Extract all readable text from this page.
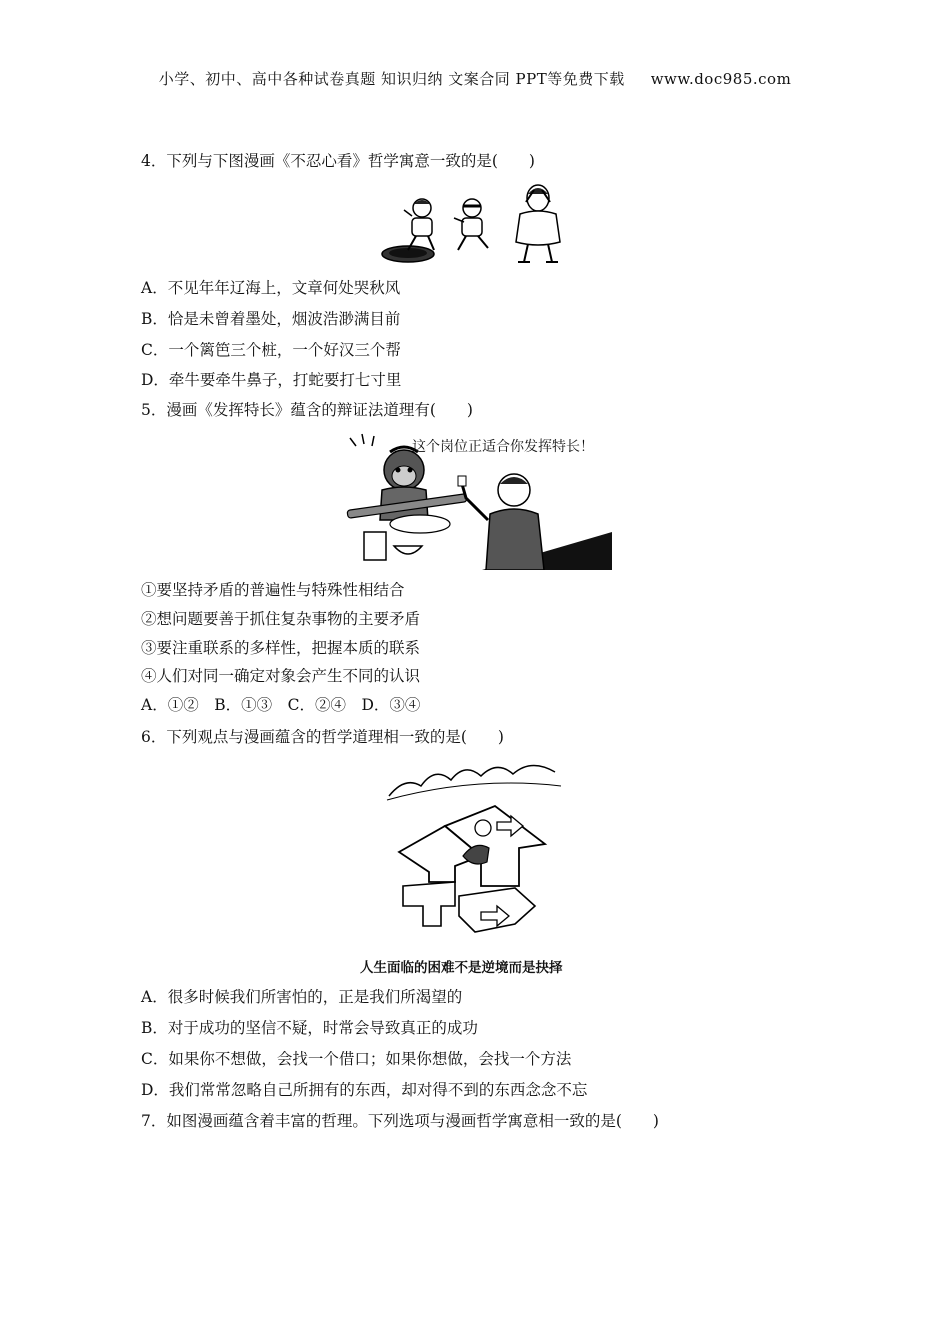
小学、初中、高中各种试卷真题 知识归纳 文案合同 PPT等免费下载 www.doc985.com
4．下列与下图漫画《不忍心看》哲学寓意一致的是(　　)
A．不见年年辽海上，文章何处哭秋风
B．恰是未曾着墨处，烟波浩渺满目前
C．一个篱笆三个桩，一个好汉三个帮
D．牵牛要牵牛鼻子，打蛇要打七寸里
5．漫画《发挥特长》蕴含的辩证法道理有(　　)
这个岗位正适合你发挥特长！
①要坚持矛盾的普遍性与特殊性相结合
②想问题要善于抓住复杂事物的主要矛盾
③要注重联系的多样性，把握本质的联系
④人们对同一确定对象会产生不同的认识
A．①②　B．①③　C．②④　D．③④
6．下列观点与漫画蕴含的哲学道理相一致的是(　　)
人生面临的困难不是逆境而是抉择
A．很多时候我们所害怕的，正是我们所渴望的
B．对于成功的坚信不疑，时常会导致真正的成功
C．如果你不想做，会找一个借口；如果你想做，会找一个方法
D．我们常常忽略自己所拥有的东西，却对得不到的东西念念不忘
7．如图漫画蕴含着丰富的哲理。下列选项与漫画哲学寓意相一致的是(　　)
